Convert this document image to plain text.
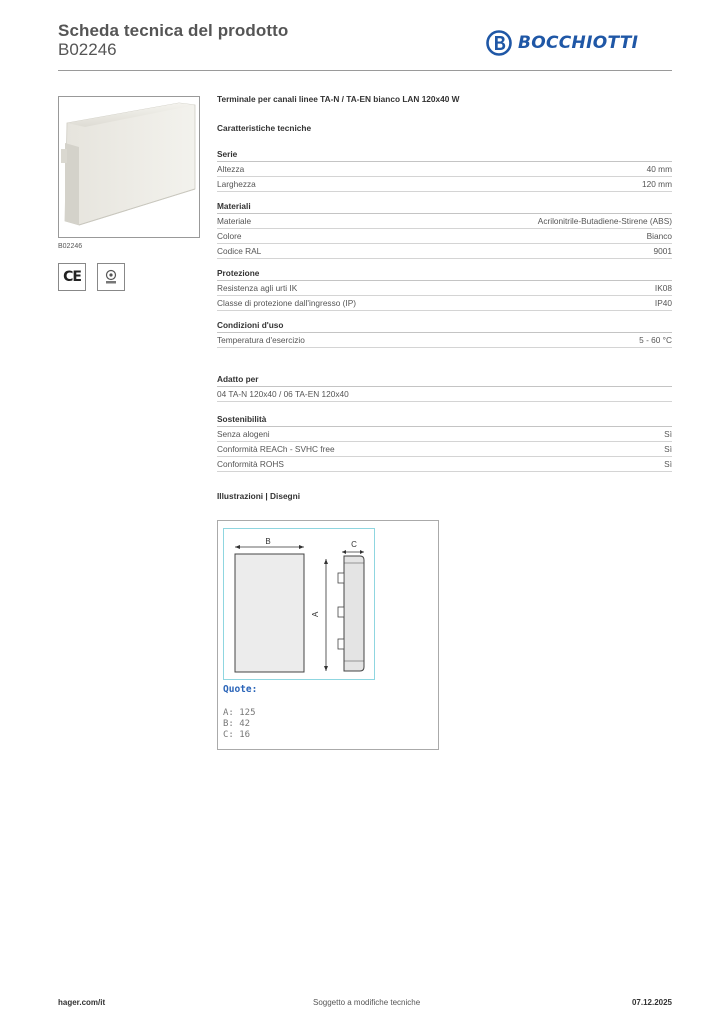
Scheda tecnica del prodotto
B02246	BOCCHIOTTI
B02246
CE
Terminale per canali linee TA-N / TA-EN bianco LAN 120x40 W
Caratteristiche tecniche
Serie
Altezza	40 mm
Larghezza	120 mm
Materiali
Materiale	Acrilonitrile-Butadiene-Stirene (ABS)
Colore	Bianco
Codice RAL	9001
Protezione
Resistenza agli urti IK	IK08
Classe di protezione dall'ingresso (IP)	IP40
Condizioni d'uso
Temperatura d'esercizio	5 - 60 °C
Adatto per
04 TA-N 120x40 / 06 TA-EN 120x40
Sostenibilità
Senza alogeni	Sì
Conformità REACh - SVHC free	Sì
Conformità ROHS	Sì
Illustrazioni | Disegni
B	C
A
Quote:
A: 125
B: 42
C: 16
hager.com/it	Soggetto a modifiche tecniche	07.12.2025
